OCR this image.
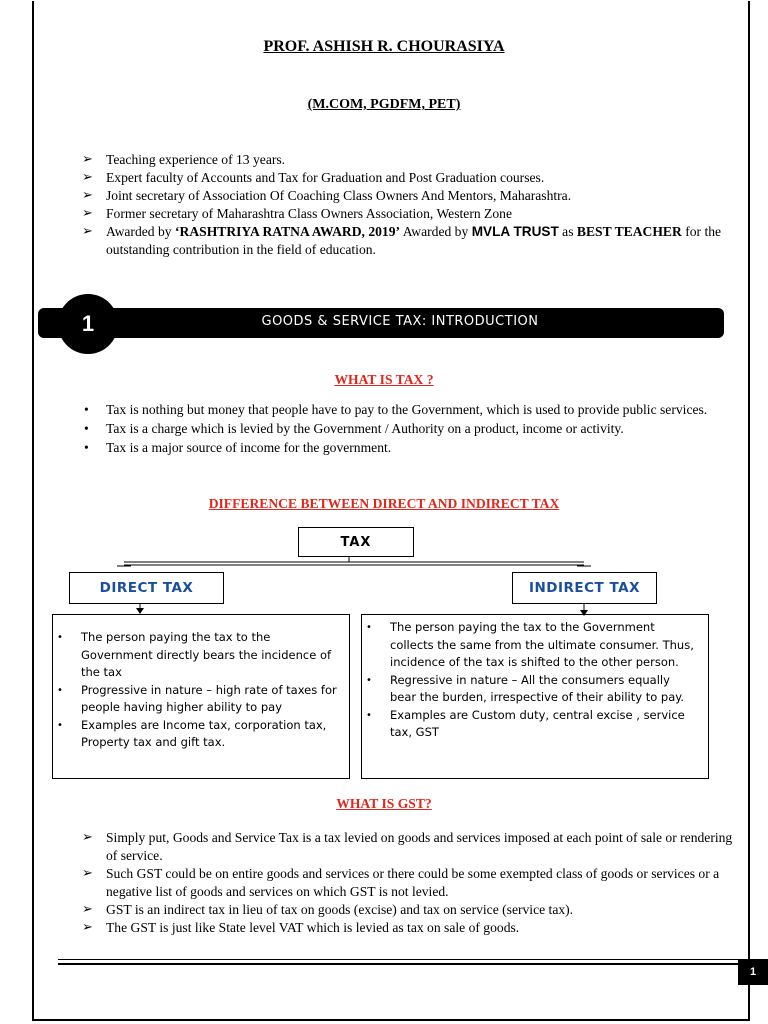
PROF. ASHISH R. CHOURASIYA
(M.COM, PGDFM, PET)
➢ Teaching experience of 13 years.
➢ Expert faculty of Accounts and Tax for Graduation and Post Graduation courses.
➢ Joint secretary of Association Of Coaching Class Owners And Mentors, Maharashtra.
➢ Former secretary of Maharashtra Class Owners Association, Western Zone
➢ Awarded by ‘RASHTRIYA RATNA AWARD, 2019’ Awarded by MVLA TRUST as BEST TEACHER for the outstanding contribution in the field of education.
1	GOODS & SERVICE TAX: INTRODUCTION
WHAT IS TAX ?
• Tax is nothing but money that people have to pay to the Government, which is used to provide public services.
• Tax is a charge which is levied by the Government / Authority on a product, income or activity.
• Tax is a major source of income for the government.
DIFFERENCE BETWEEN DIRECT AND INDIRECT TAX
TAX
DIRECT TAX	INDIRECT TAX
• The person paying the tax to the Government directly bears the incidence of the tax
• Progressive in nature – high rate of taxes for people having higher ability to pay
• Examples are Income tax, corporation tax, Property tax and gift tax.
• The person paying the tax to the Government collects the same from the ultimate consumer. Thus, incidence of the tax is shifted to the other person.
• Regressive in nature – All the consumers equally bear the burden, irrespective of their ability to pay.
• Examples are Custom duty, central excise , service tax, GST
WHAT IS GST?
➢ Simply put, Goods and Service Tax is a tax levied on goods and services imposed at each point of sale or rendering of service.
➢ Such GST could be on entire goods and services or there could be some exempted class of goods or services or a negative list of goods and services on which GST is not levied.
➢ GST is an indirect tax in lieu of tax on goods (excise) and tax on service (service tax).
➢ The GST is just like State level VAT which is levied as tax on sale of goods.
1
